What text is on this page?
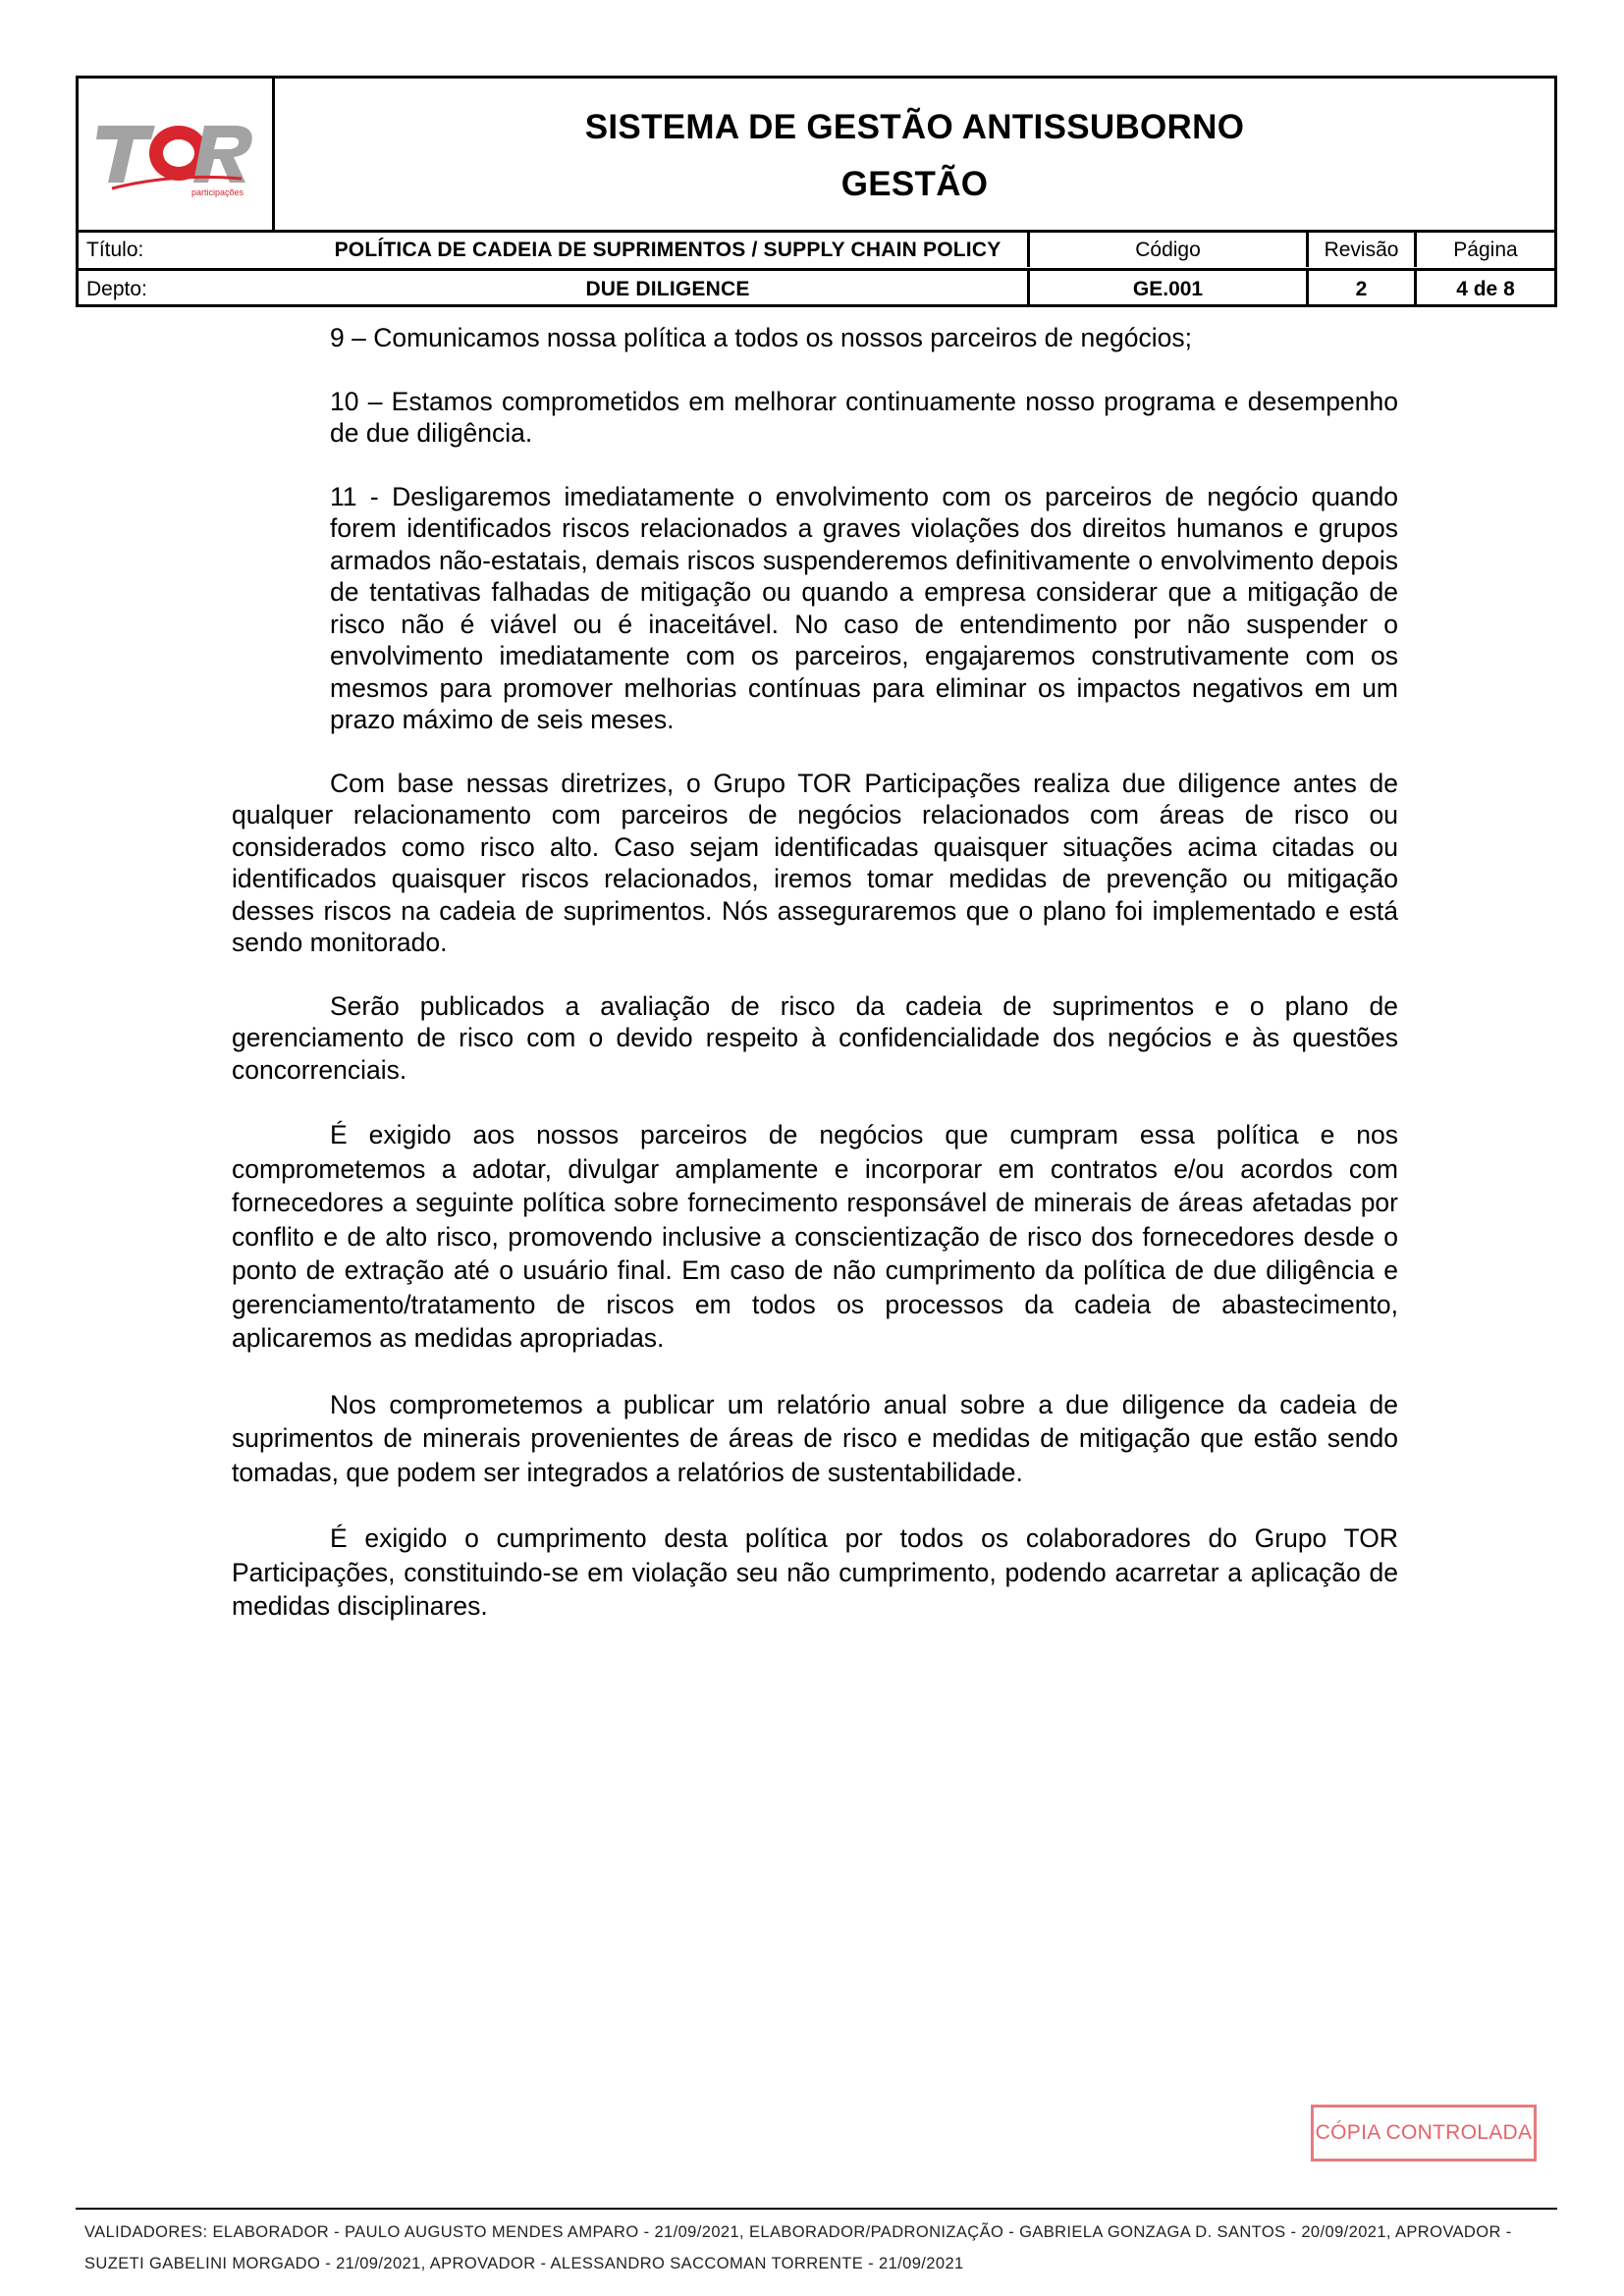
participações
SISTEMA DE GESTÃO ANTISSUBORNO
GESTÃO
Título:	POLÍTICA DE CADEIA DE SUPRIMENTOS / SUPPLY CHAIN POLICY	Código	Revisão	Página
Depto:	DUE DILIGENCE	GE.001	2	4 de 8

9 – Comunicamos nossa política a todos os nossos parceiros de negócios;

10 – Estamos comprometidos em melhorar continuamente nosso programa e desempenho de due diligência.

11 - Desligaremos imediatamente o envolvimento com os parceiros de negócio quando forem identificados riscos relacionados a graves violações dos direitos humanos e grupos armados não-estatais, demais riscos suspenderemos definitivamente o envolvimento depois de tentativas falhadas de mitigação ou quando a empresa considerar que a mitigação de risco não é viável ou é inaceitável. No caso de entendimento por não suspender o envolvimento imediatamente com os parceiros, engajaremos construtivamente com os mesmos para promover melhorias contínuas para eliminar os impactos negativos em um prazo máximo de seis meses.

Com base nessas diretrizes, o Grupo TOR Participações realiza due diligence antes de qualquer relacionamento com parceiros de negócios relacionados com áreas de risco ou considerados como risco alto. Caso sejam identificadas quaisquer situações acima citadas ou identificados quaisquer riscos relacionados, iremos tomar medidas de prevenção ou mitigação desses riscos na cadeia de suprimentos. Nós asseguraremos que o plano foi implementado e está sendo monitorado.

Serão publicados a avaliação de risco da cadeia de suprimentos e o plano de gerenciamento de risco com o devido respeito à confidencialidade dos negócios e às questões concorrenciais.

É exigido aos nossos parceiros de negócios que cumpram essa política e nos comprometemos a adotar, divulgar amplamente e incorporar em contratos e/ou acordos com fornecedores a seguinte política sobre fornecimento responsável de minerais de áreas afetadas por conflito e de alto risco, promovendo inclusive a conscientização de risco dos fornecedores desde o ponto de extração até o usuário final. Em caso de não cumprimento da política de due diligência e gerenciamento/tratamento de riscos em todos os processos da cadeia de abastecimento, aplicaremos as medidas apropriadas.

Nos comprometemos a publicar um relatório anual sobre a due diligence da cadeia de suprimentos de minerais provenientes de áreas de risco e medidas de mitigação que estão sendo tomadas, que podem ser integrados a relatórios de sustentabilidade.

É exigido o cumprimento desta política por todos os colaboradores do Grupo TOR Participações, constituindo-se em violação seu não cumprimento, podendo acarretar a aplicação de medidas disciplinares.

CÓPIA CONTROLADA
VALIDADORES: ELABORADOR - PAULO AUGUSTO MENDES AMPARO - 21/09/2021, ELABORADOR/PADRONIZAÇÃO - GABRIELA GONZAGA D. SANTOS - 20/09/2021, APROVADOR -
SUZETI GABELINI MORGADO - 21/09/2021, APROVADOR - ALESSANDRO SACCOMAN TORRENTE - 21/09/2021
